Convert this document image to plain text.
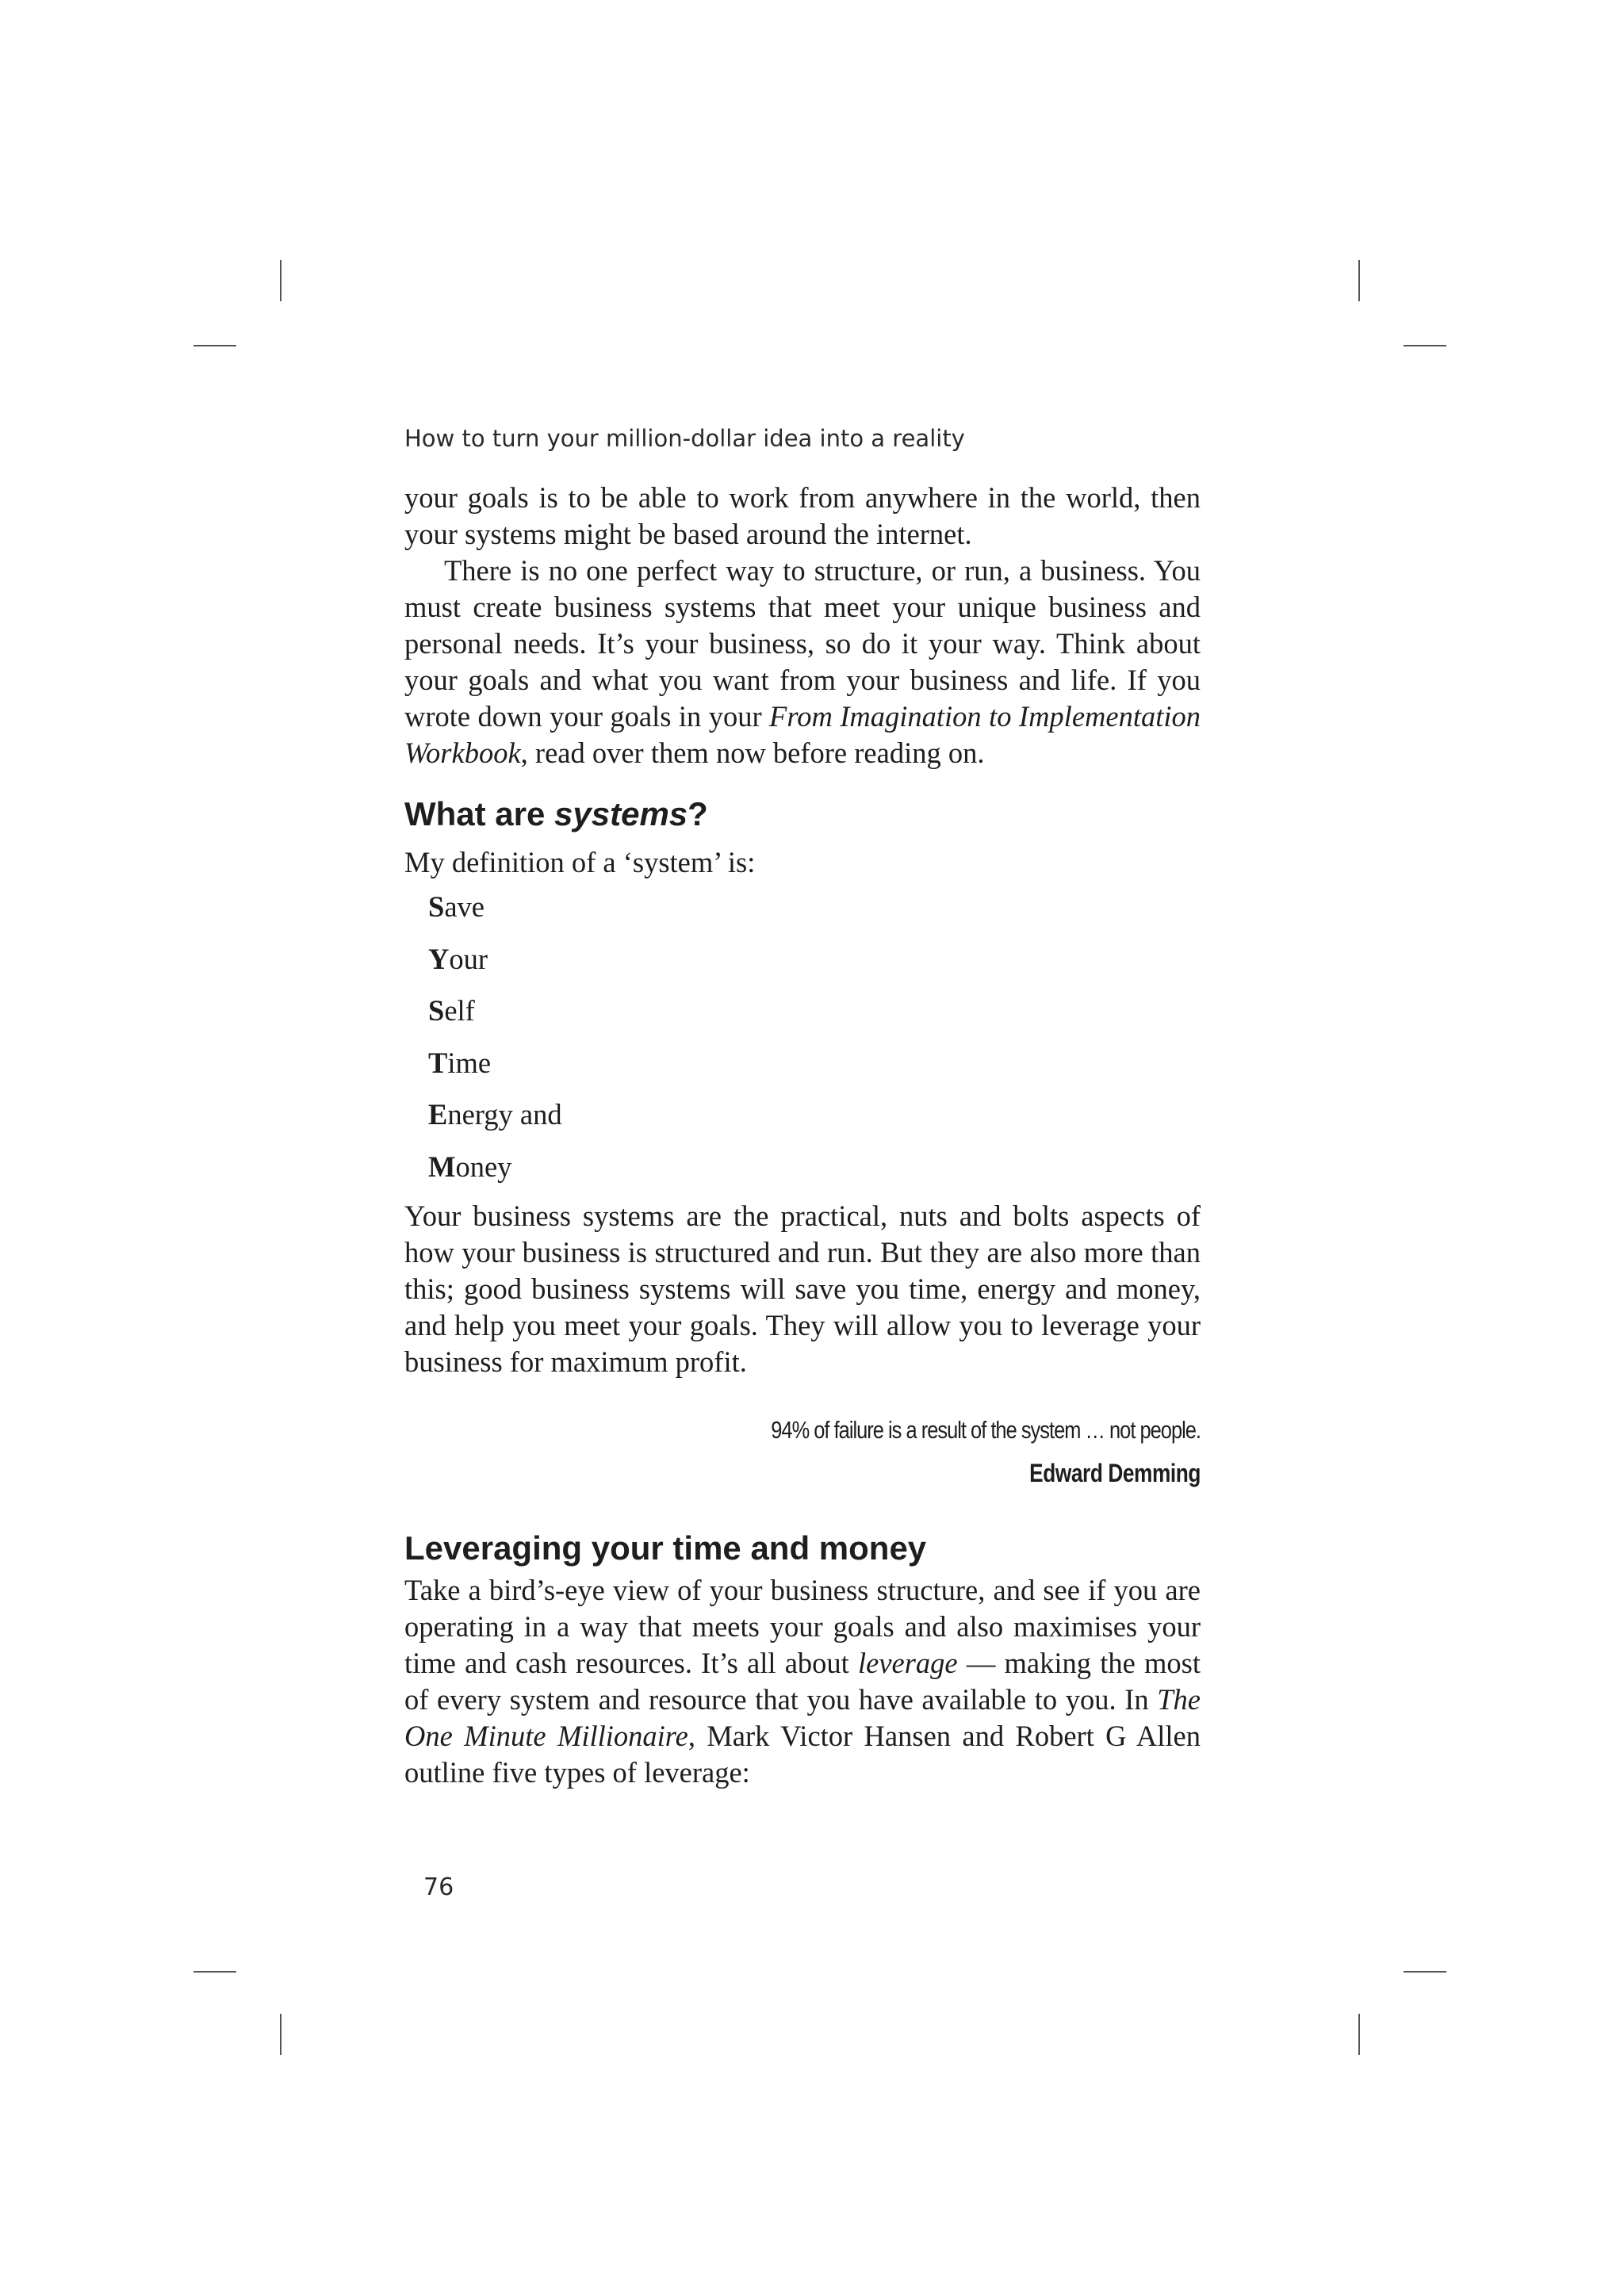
How to turn your million-dollar idea into a reality

your goals is to be able to work from anywhere in the world, then your systems might be based around the internet.

There is no one perfect way to structure, or run, a business. You must create business systems that meet your unique business and personal needs. It’s your business, so do it your way. Think about your goals and what you want from your business and life. If you wrote down your goals in your From Imagination to Implementation Workbook, read over them now before reading on.

What are systems?

My definition of a ‘system’ is:

Save
Your
Self
Time
Energy and
Money

Your business systems are the practical, nuts and bolts aspects of how your business is structured and run. But they are also more than this; good business systems will save you time, energy and money, and help you meet your goals. They will allow you to leverage your business for maximum profit.

94% of failure is a result of the system … not people.
Edward Demming
Leveraging your time and money

Take a bird’s-eye view of your business structure, and see if you are operating in a way that meets your goals and also maximises your time and cash resources. It’s all about leverage — making the most of every system and resource that you have available to you. In The One Minute Millionaire, Mark Victor Hansen and Robert G Allen outline five types of leverage:

76
